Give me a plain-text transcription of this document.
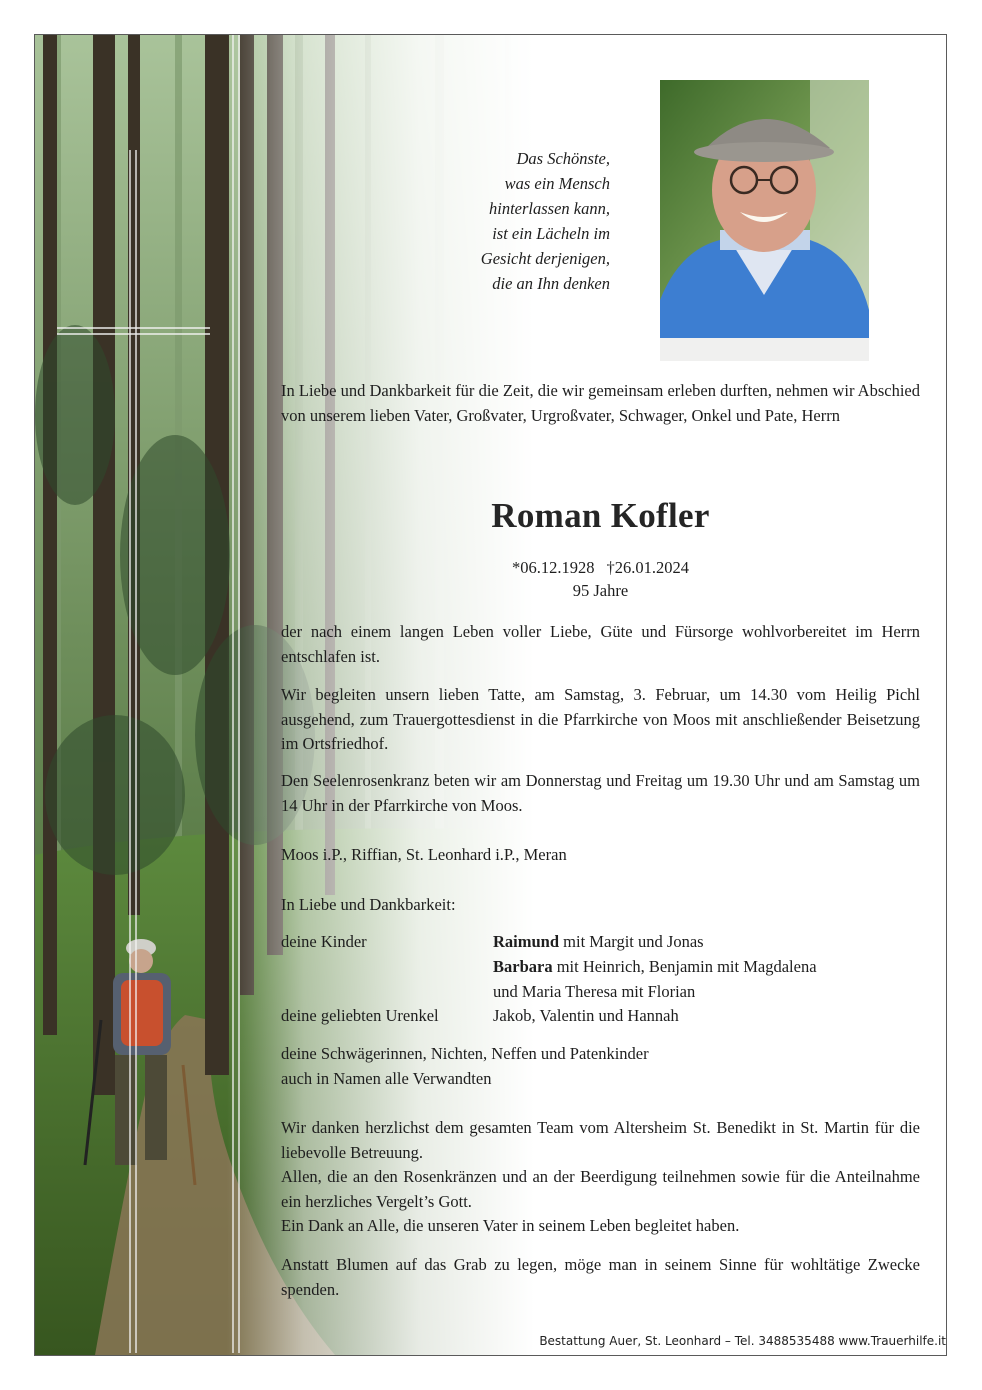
Das Schönste,
was ein Mensch
hinterlassen kann,
ist ein Lächeln im
Gesicht derjenigen,
die an Ihn denken
In Liebe und Dankbarkeit für die Zeit, die wir gemeinsam erleben durften, nehmen wir Abschied von unserem lieben Vater, Großvater, Urgroßvater, Schwager, Onkel und Pate, Herrn
Roman Kofler
*06.12.1928 †26.01.2024
95 Jahre
der nach einem langen Leben voller Liebe, Güte und Fürsorge wohlvorbereitet im Herrn entschlafen ist.
Wir begleiten unsern lieben Tatte, am Samstag, 3. Februar, um 14.30 vom Heilig Pichl ausgehend, zum Trauergottesdienst in die Pfarrkirche von Moos mit anschließender Beisetzung im Ortsfriedhof.
Den Seelenrosenkranz beten wir am Donnerstag und Freitag um 19.30 Uhr und am Samstag um 14 Uhr in der Pfarrkirche von Moos.
Moos i.P., Riffian, St. Leonhard i.P., Meran
In Liebe und Dankbarkeit:
deine Kinder	Raimund mit Margit und Jonas
Barbara mit Heinrich, Benjamin mit Magdalena
und Maria Theresa mit Florian
deine geliebten Urenkel	Jakob, Valentin und Hannah
deine Schwägerinnen, Nichten, Neffen und Patenkinder
auch in Namen alle Verwandten
Wir danken herzlichst dem gesamten Team vom Altersheim St. Benedikt in St. Martin für die liebevolle Betreuung.
Allen, die an den Rosenkränzen und an der Beerdigung teilnehmen sowie für die Anteilnahme ein herzliches Vergelt’s Gott.
Ein Dank an Alle, die unseren Vater in seinem Leben begleitet haben.
Anstatt Blumen auf das Grab zu legen, möge man in seinem Sinne für wohltätige Zwecke spenden.
Bestattung Auer, St. Leonhard – Tel. 3488535488 www.Trauerhilfe.it
